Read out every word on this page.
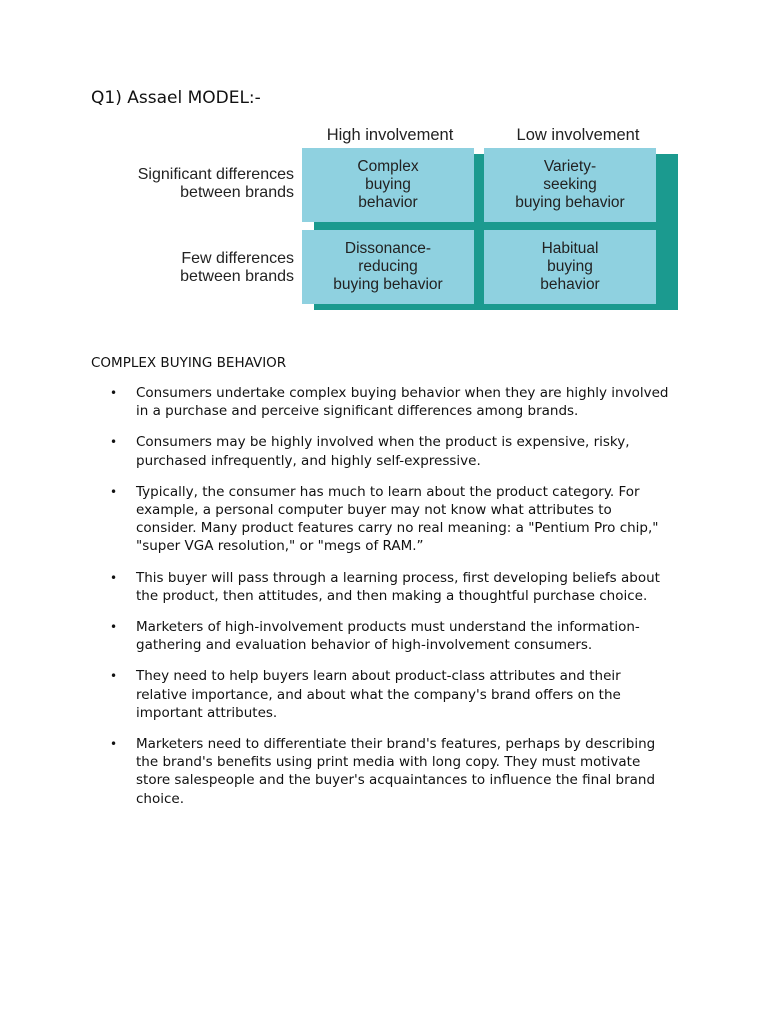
Q1) Assael MODEL:-
High involvement	Low involvement
Significant differences
between brands
Few differences
between brands
Complex
buying
behavior
Variety-
seeking
buying behavior
Dissonance-
reducing
buying behavior
Habitual
buying
behavior
COMPLEX BUYING BEHAVIOR
• Consumers undertake complex buying behavior when they are highly involved in a purchase and perceive significant differences among brands.
• Consumers may be highly involved when the product is expensive, risky, purchased infrequently, and highly self-expressive.
• Typically, the consumer has much to learn about the product category. For example, a personal computer buyer may not know what attributes to consider. Many product features carry no real meaning: a "Pentium Pro chip," "super VGA resolution," or "megs of RAM.”
• This buyer will pass through a learning process, first developing beliefs about the product, then attitudes, and then making a thoughtful purchase choice.
• Marketers of high-involvement products must understand the information-gathering and evaluation behavior of high-involvement consumers.
• They need to help buyers learn about product-class attributes and their relative importance, and about what the company's brand offers on the important attributes.
• Marketers need to differentiate their brand's features, perhaps by describing the brand's benefits using print media with long copy. They must motivate store salespeople and the buyer's acquaintances to influence the final brand choice.
